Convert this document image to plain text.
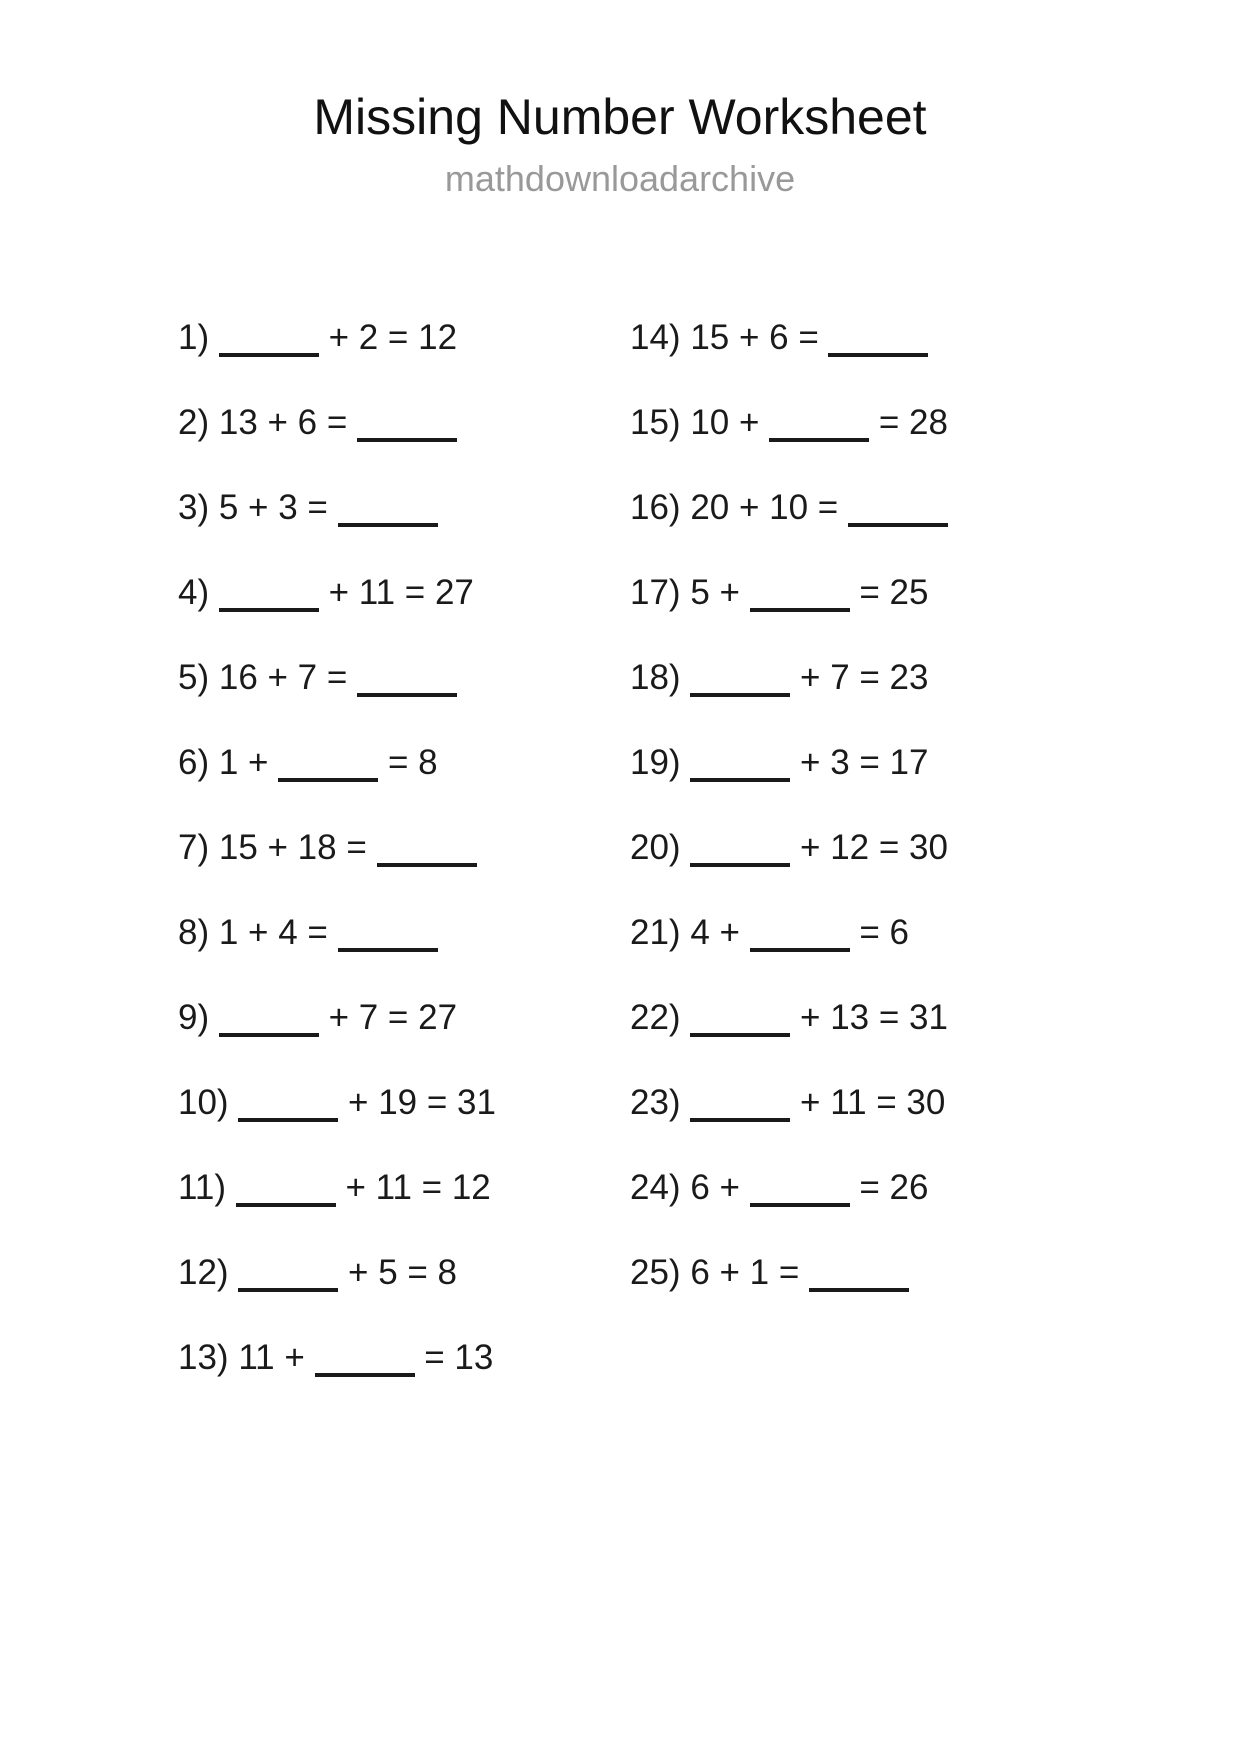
Missing Number Worksheet
mathdownloadarchive
1)	+ 2 = 12
2) 13 + 6 =
3) 5 + 3 =
4)	+ 11 = 27
5) 16 + 7 =
6) 1 +	= 8
7) 15 + 18 =
8) 1 + 4 =
9)	+ 7 = 27
10)	+ 19 = 31
11)	+ 11 = 12
12)	+ 5 = 8
13) 11 +	= 13
14) 15 + 6 =
15) 10 +	= 28
16) 20 + 10 =
17) 5 +	= 25
18)	+ 7 = 23
19)	+ 3 = 17
20)	+ 12 = 30
21) 4 +	= 6
22)	+ 13 = 31
23)	+ 11 = 30
24) 6 +	= 26
25) 6 + 1 =
